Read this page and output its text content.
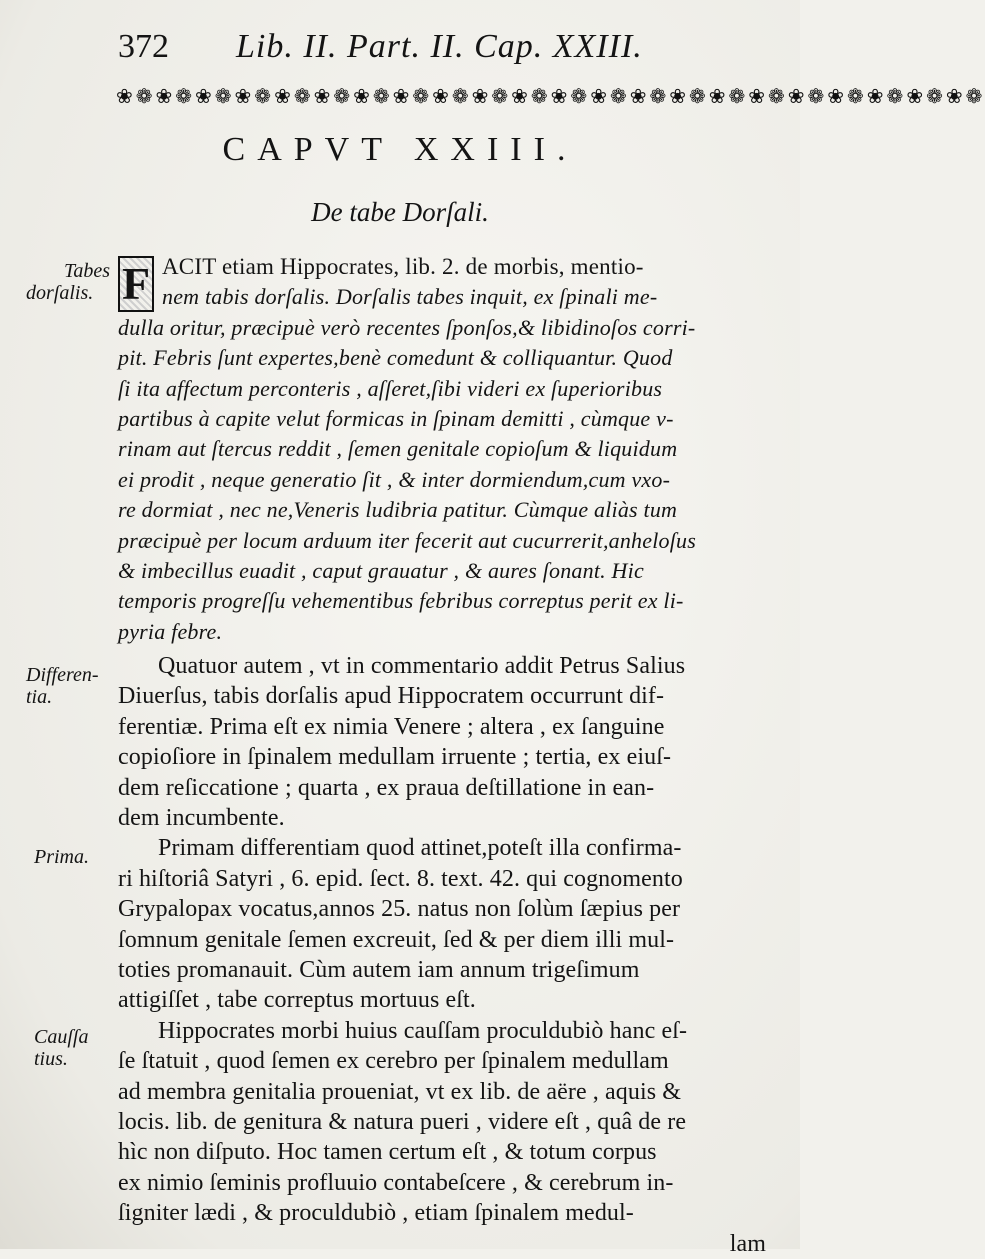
372 Lib. II. Part. II. Cap. XXIII.
❀❁❀❁❀❁❀❁❀❁❀❁❀❁❀❁❀❁❀❁❀❁❀❁❀❁❀❁❀❁❀❁❀❁❀❁❀❁❀❁❀❁❀❁
CAPVT XXIII.
De tabe Dorſali.
Tabes
dorſalis.
Differen-
tia.
Prima.
Cauſſa
tius.
F ACIT etiam Hippocrates, lib. 2. de morbis, mentio-
nem tabis dorſalis. Dorſalis tabes inquit, ex ſpinali me-
dulla oritur, præcipuè verò recentes ſponſos,& libidinoſos corri-
pit. Febris ſunt expertes,benè comedunt & colliquantur. Quod
ſi ita affectum perconteris , aſſeret,ſibi videri ex ſuperioribus
partibus à capite velut formicas in ſpinam demitti , cùmque v-
rinam aut ſtercus reddit , ſemen genitale copioſum & liquidum
ei prodit , neque generatio ſit , & inter dormiendum,cum vxo-
re dormiat , nec ne,Veneris ludibria patitur. Cùmque aliàs tum
præcipuè per locum arduum iter fecerit aut cucurrerit,anheloſus
& imbecillus euadit , caput grauatur , & aures ſonant. Hic
temporis progreſſu vehementibus febribus correptus perit ex li-
pyria febre.
Quatuor autem , vt in commentario addit Petrus Salius
Diuerſus, tabis dorſalis apud Hippocratem occurrunt dif-
ferentiæ. Prima eſt ex nimia Venere ; altera , ex ſanguine
copioſiore in ſpinalem medullam irruente ; tertia, ex eiuſ-
dem reſiccatione ; quarta , ex praua deſtillatione in ean-
dem incumbente.
Primam differentiam quod attinet,poteſt illa confirma-
ri hiſtoriâ Satyri , 6. epid. ſect. 8. text. 42. qui cognomento
Grypalopax vocatus,annos 25. natus non ſolùm ſæpius per
ſomnum genitale ſemen excreuit, ſed & per diem illi mul-
toties promanauit. Cùm autem iam annum trigeſimum
attigiſſet , tabe correptus mortuus eſt.
Hippocrates morbi huius cauſſam proculdubiò hanc eſ-
ſe ſtatuit , quod ſemen ex cerebro per ſpinalem medullam
ad membra genitalia proueniat, vt ex lib. de aëre , aquis &
locis. lib. de genitura & natura pueri , videre eſt , quâ de re
hìc non diſputo. Hoc tamen certum eſt , & totum corpus
ex nimio ſeminis profluuio contabeſcere , & cerebrum in-
ſigniter lædi , & proculdubiò , etiam ſpinalem medul-
lam
